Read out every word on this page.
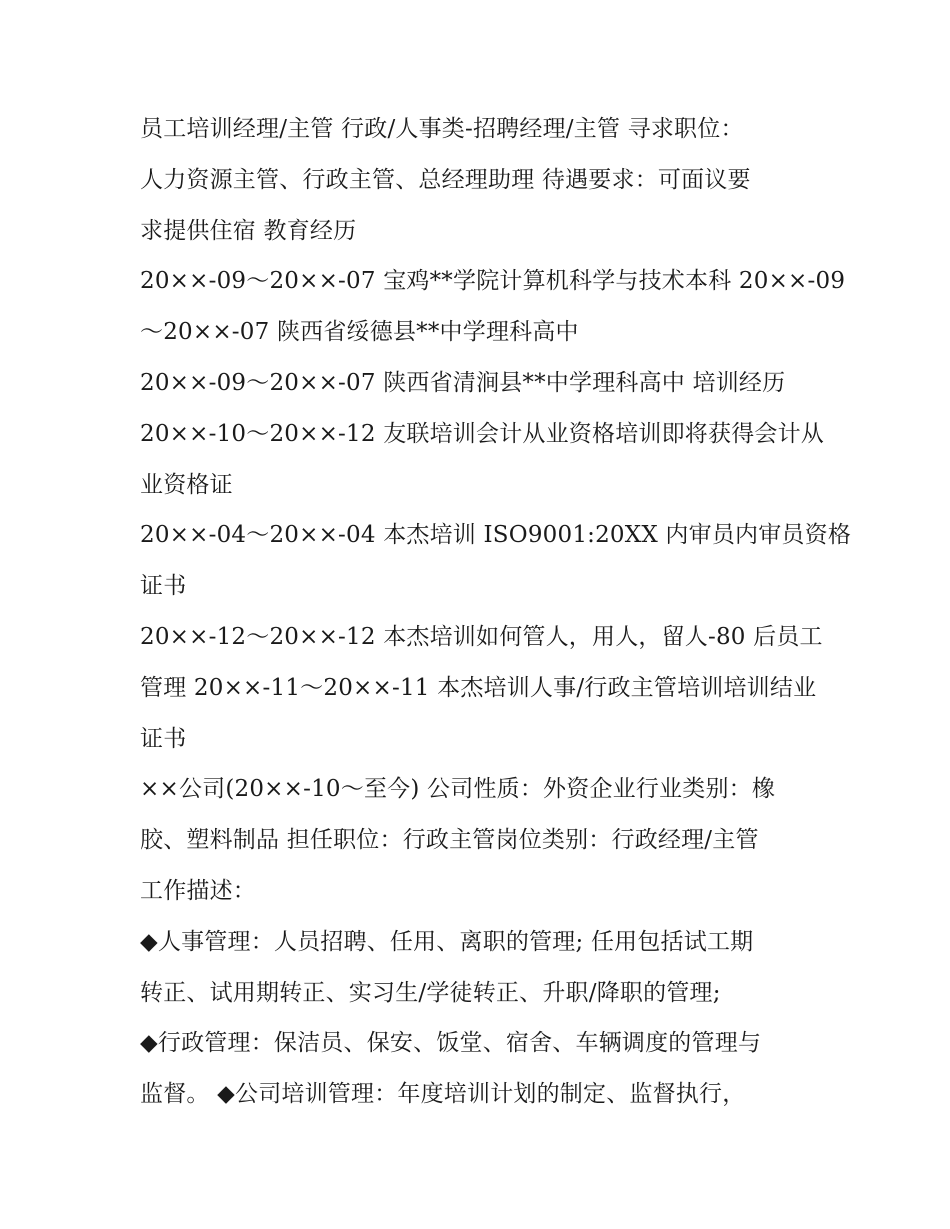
员工培训经理/主管 行政/人事类-招聘经理/主管 寻求职位：
人力资源主管、行政主管、总经理助理 待遇要求：可面议要
求提供住宿 教育经历
20××-09～20××-07 宝鸡**学院计算机科学与技术本科 20××-09
～20××-07 陕西省绥德县**中学理科高中
20××-09～20××-07 陕西省清涧县**中学理科高中 培训经历
20××-10～20××-12 友联培训会计从业资格培训即将获得会计从
业资格证
20××-04～20××-04 本杰培训 ISO9001:20XX 内审员内审员资格
证书
20××-12～20××-12 本杰培训如何管人，用人，留人-80 后员工
管理 20××-11～20××-11 本杰培训人事/行政主管培训培训结业
证书
××公司(20××-10～至今) 公司性质：外资企业行业类别：橡
胶、塑料制品 担任职位：行政主管岗位类别：行政经理/主管
工作描述：
◆人事管理：人员招聘、任用、离职的管理; 任用包括试工期
转正、试用期转正、实习生/学徒转正、升职/降职的管理;
◆行政管理：保洁员、保安、饭堂、宿舍、车辆调度的管理与
监督。 ◆公司培训管理：年度培训计划的制定、监督执行，
